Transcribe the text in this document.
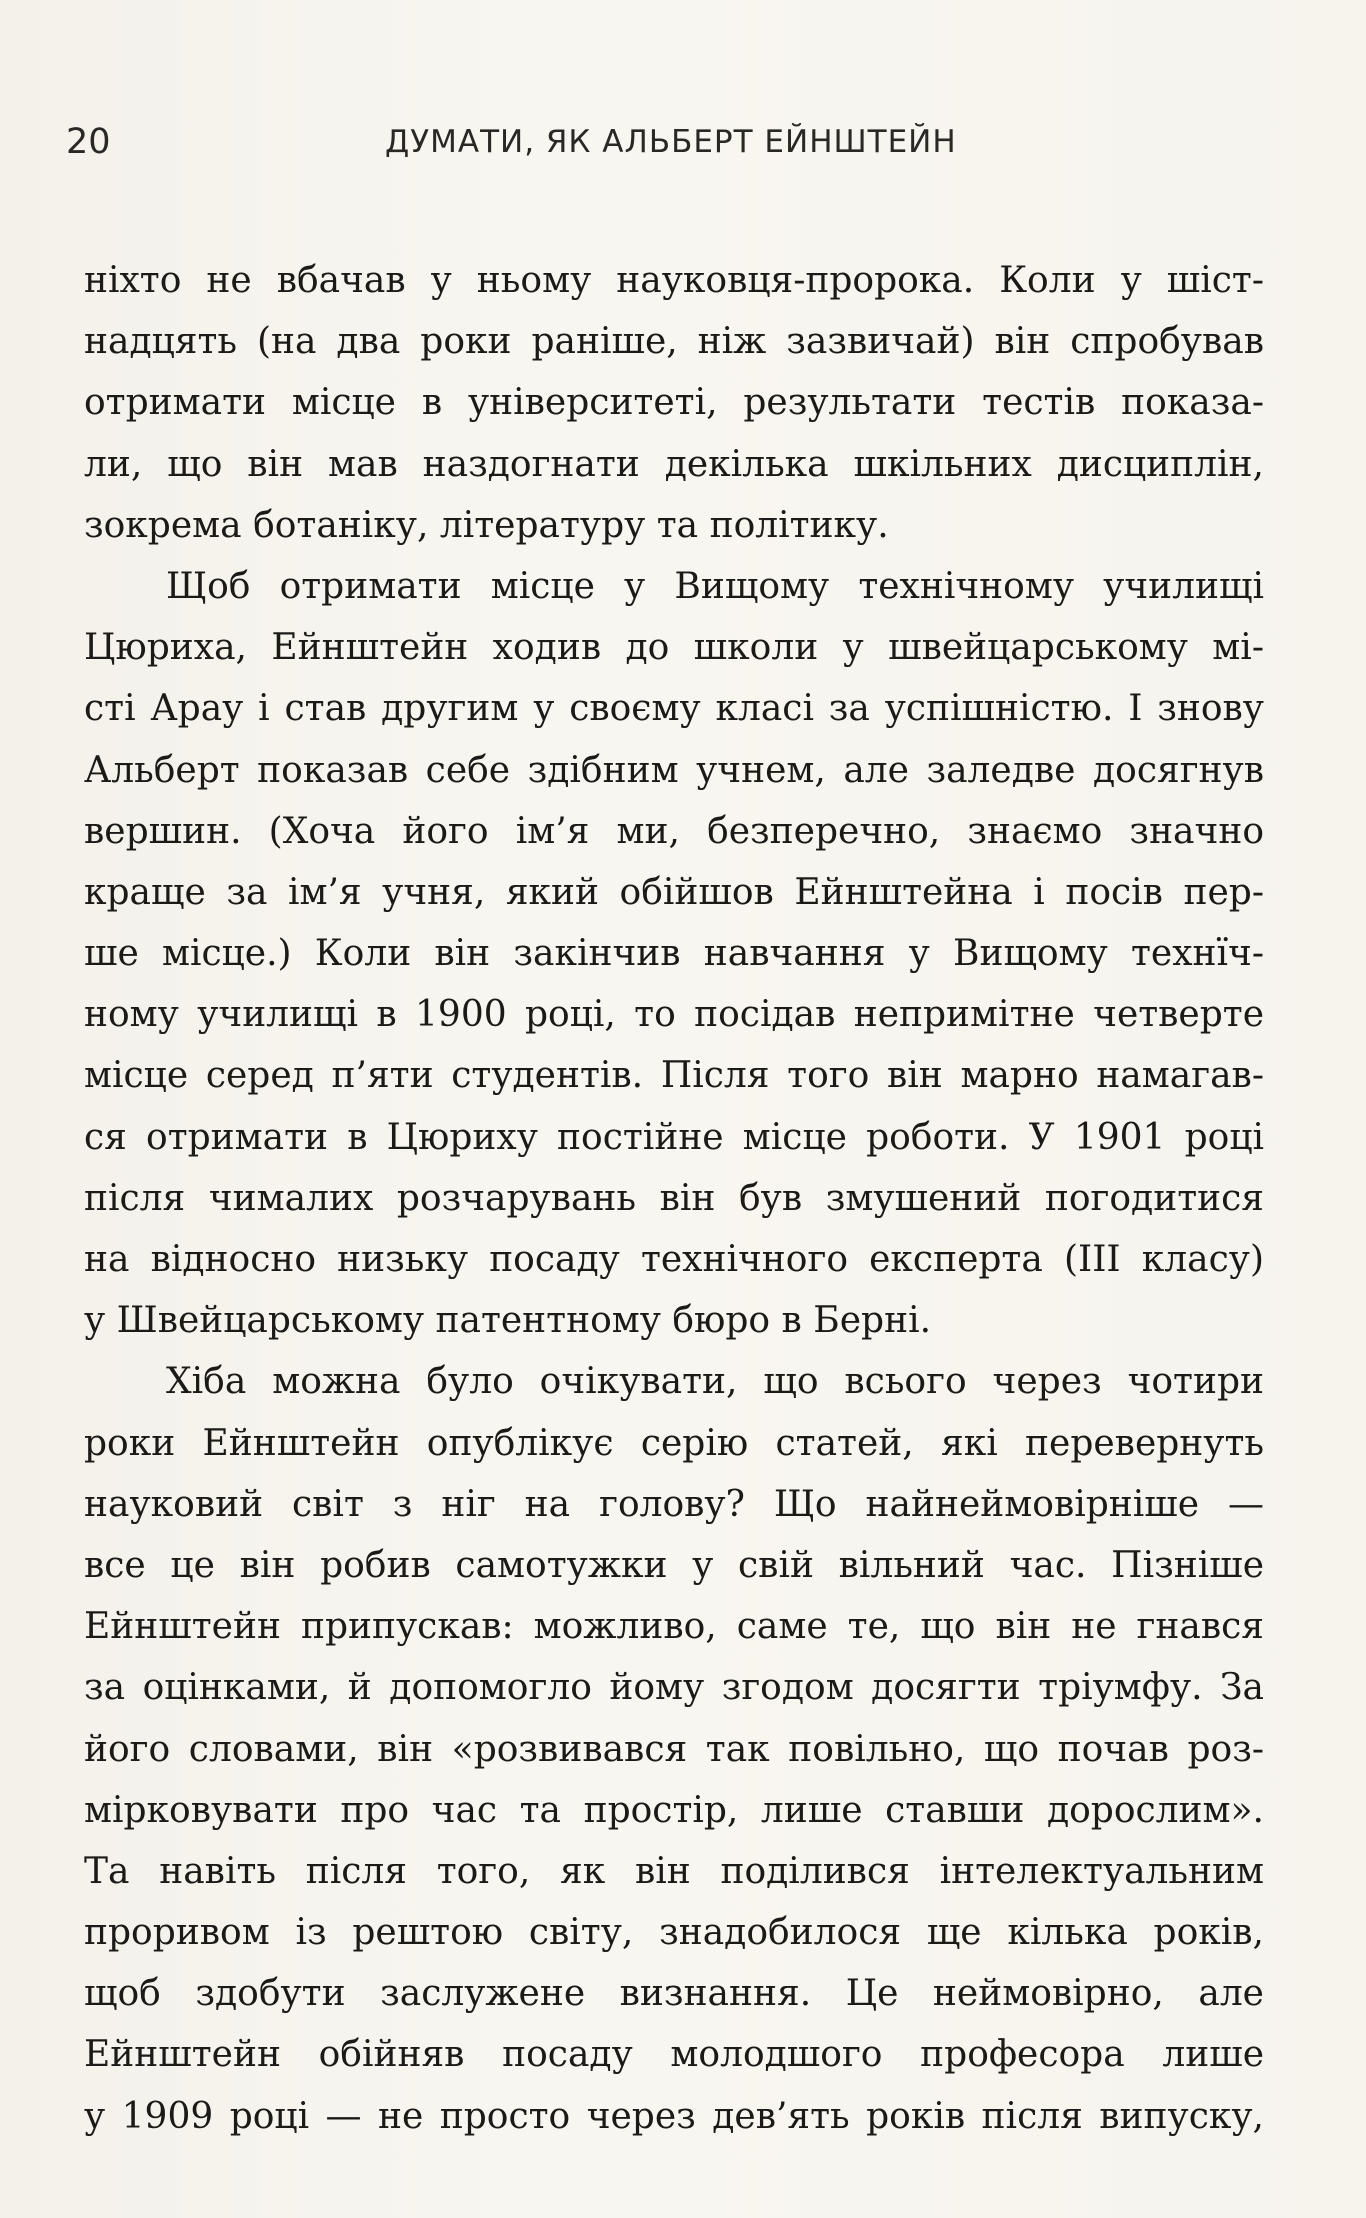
20	ДУМАТИ, ЯК АЛЬБЕРТ ЕЙНШТЕЙН
ніхто не вбачав у ньому науковця-пророка. Коли у шіст-
надцять (на два роки раніше, ніж зазвичай) він спробував
отримати місце в університеті, результати тестів показа-
ли, що він мав наздогнати декілька шкільних дисциплін,
зокрема ботаніку, літературу та політику.
Щоб отримати місце у Вищому технічному училищі
Цюриха, Ейнштейн ходив до школи у швейцарському мі-
сті Арау і став другим у своєму класі за успішністю. І знову
Альберт показав себе здібним учнем, але заледве досягнув
вершин. (Хоча його ім’я ми, безперечно, знаємо значно
краще за ім’я учня, який обійшов Ейнштейна і посів пер-
ше місце.) Коли він закінчив навчання у Вищому технїч-
ному училищі в 1900 році, то посідав непримітне четверте
місце серед п’яти студентів. Після того він марно намагав-
ся отримати в Цюриху постійне місце роботи. У 1901 році
після чималих розчарувань він був змушений погодитися
на відносно низьку посаду технічного експерта (III класу)
у Швейцарському патентному бюро в Берні.
Хіба можна було очікувати, що всього через чотири
роки Ейнштейн опублікує серію статей, які перевернуть
науковий світ з ніг на голову? Що найнеймовірніше —
все це він робив самотужки у свій вільний час. Пізніше
Ейнштейн припускав: можливо, саме те, що він не гнався
за оцінками, й допомогло йому згодом досягти тріумфу. За
його словами, він «розвивався так повільно, що почав роз-
мірковувати про час та простір, лише ставши дорослим».
Та навіть після того, як він поділився інтелектуальним
проривом із рештою світу, знадобилося ще кілька років,
щоб здобути заслужене визнання. Це неймовірно, але
Ейнштейн обійняв посаду молодшого професора лише
у 1909 році — не просто через дев’ять років після випуску,
